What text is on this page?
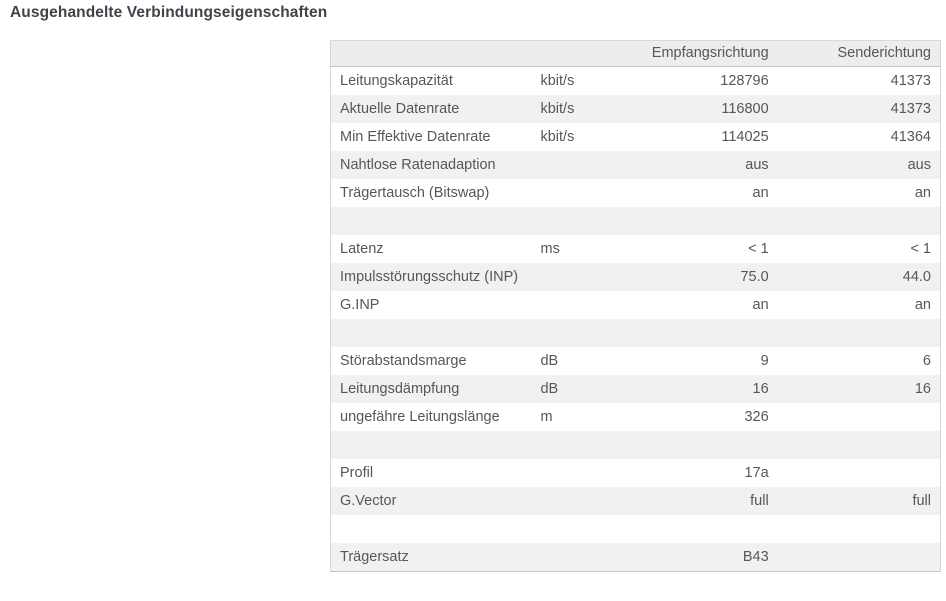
Ausgehandelte Verbindungseigenschaften
		Empfangsrichtung	Senderichtung
Leitungskapazität	kbit/s	128796	41373
Aktuelle Datenrate	kbit/s	116800	41373
Min Effektive Datenrate	kbit/s	114025	41364
Nahtlose Ratenadaption		aus	aus
Trägertausch (Bitswap)		an	an

Latenz	ms	< 1	< 1
Impulsstörungsschutz (INP)		75.0	44.0
G.INP		an	an

Störabstandsmarge	dB	9	6
Leitungsdämpfung	dB	16	16
ungefähre Leitungslänge	m	326	

Profil		17a	
G.Vector		full	full

Trägersatz		B43	
